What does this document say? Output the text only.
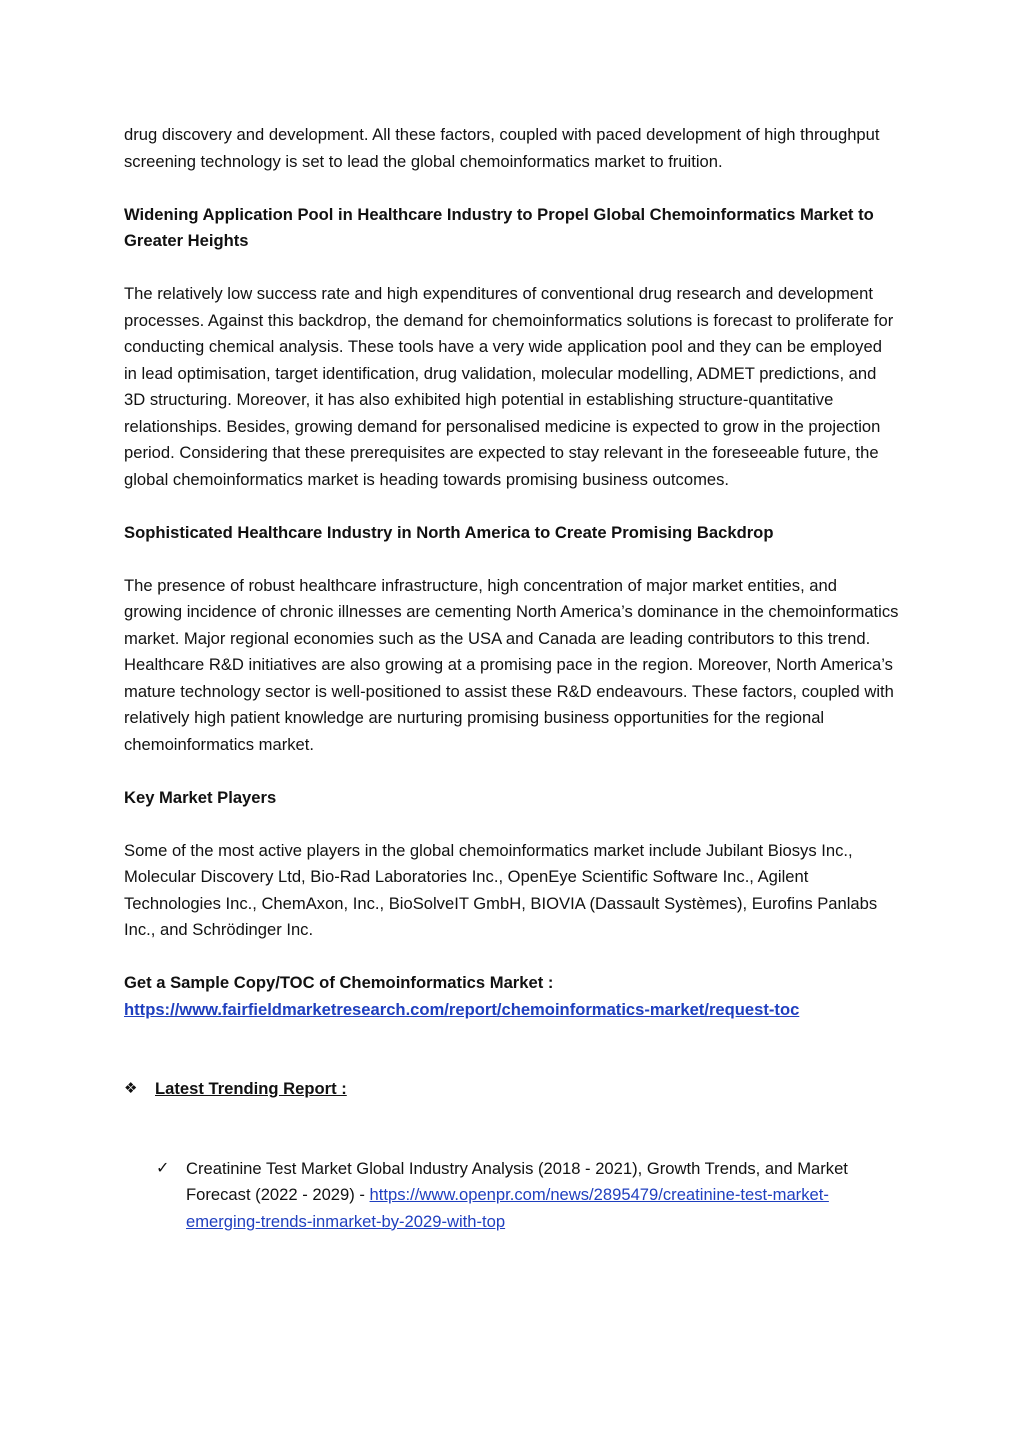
drug discovery and development. All these factors, coupled with paced development of high throughput screening technology is set to lead the global chemoinformatics market to fruition.

Widening Application Pool in Healthcare Industry to Propel Global Chemoinformatics Market to Greater Heights

The relatively low success rate and high expenditures of conventional drug research and development processes. Against this backdrop, the demand for chemoinformatics solutions is forecast to proliferate for conducting chemical analysis. These tools have a very wide application pool and they can be employed in lead optimisation, target identification, drug validation, molecular modelling, ADMET predictions, and 3D structuring. Moreover, it has also exhibited high potential in establishing structure-quantitative relationships. Besides, growing demand for personalised medicine is expected to grow in the projection period. Considering that these prerequisites are expected to stay relevant in the foreseeable future, the global chemoinformatics market is heading towards promising business outcomes.

Sophisticated Healthcare Industry in North America to Create Promising Backdrop

The presence of robust healthcare infrastructure, high concentration of major market entities, and growing incidence of chronic illnesses are cementing North America’s dominance in the chemoinformatics market. Major regional economies such as the USA and Canada are leading contributors to this trend. Healthcare R&D initiatives are also growing at a promising pace in the region. Moreover, North America’s mature technology sector is well-positioned to assist these R&D endeavours. These factors, coupled with relatively high patient knowledge are nurturing promising business opportunities for the regional chemoinformatics market.

Key Market Players

Some of the most active players in the global chemoinformatics market include Jubilant Biosys Inc., Molecular Discovery Ltd, Bio-Rad Laboratories Inc., OpenEye Scientific Software Inc., Agilent Technologies Inc., ChemAxon, Inc., BioSolveIT GmbH, BIOVIA (Dassault Systèmes), Eurofins Panlabs Inc., and Schrödinger Inc.

Get a Sample Copy/TOC of Chemoinformatics Market :
https://www.fairfieldmarketresearch.com/report/chemoinformatics-market/request-toc
❖ Latest Trending Report :
✓ Creatinine Test Market Global Industry Analysis (2018 - 2021), Growth Trends, and Market Forecast (2022 - 2029) - https://www.openpr.com/news/2895479/creatinine-test-market-emerging-trends-inmarket-by-2029-with-top
